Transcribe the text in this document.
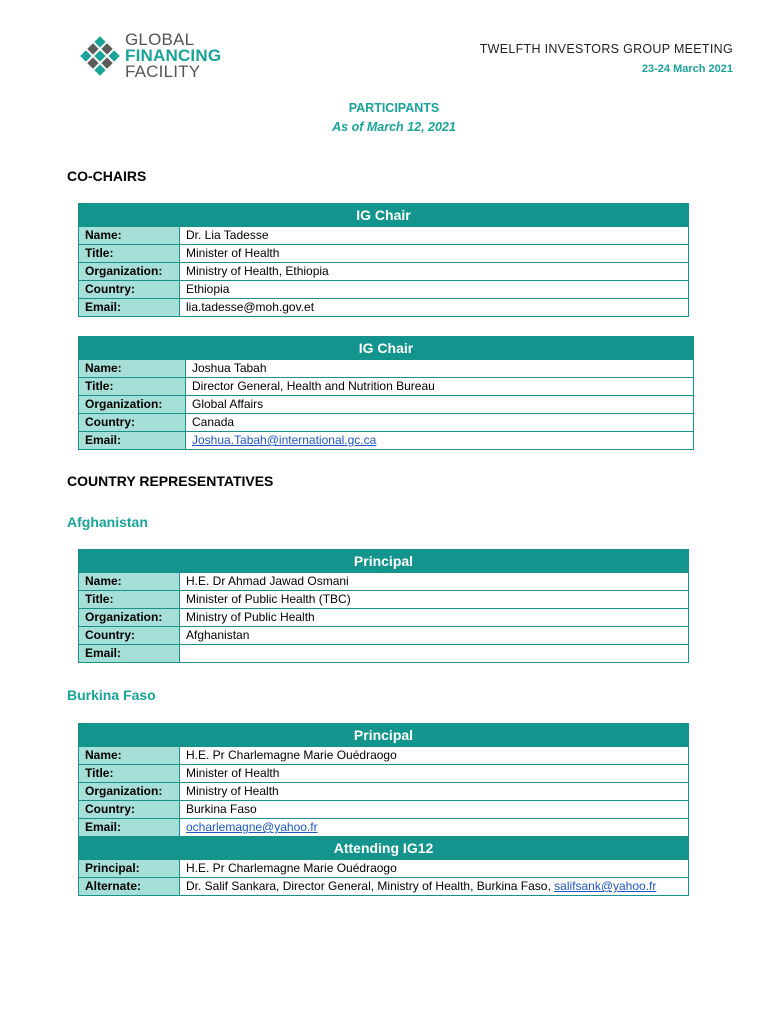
GLOBAL
FINANCING
FACILITY
TWELFTH INVESTORS GROUP MEETING
23-24 March 2021
PARTICIPANTS
As of March 12, 2021
CO-CHAIRS
IG Chair	
Name:	Dr. Lia Tadesse
Title:	Minister of Health
Organization:	Ministry of Health, Ethiopia
Country:	Ethiopia
Email:	lia.tadesse@moh.gov.et
IG Chair	
Name:	Joshua Tabah
Title:	Director General, Health and Nutrition Bureau
Organization:	Global Affairs
Country:	Canada
Email:	Joshua.Tabah@international.gc.ca
COUNTRY REPRESENTATIVES
Afghanistan
Principal	
Name:	H.E. Dr Ahmad Jawad Osmani
Title:	Minister of Public Health (TBC)
Organization:	Ministry of Public Health
Country:	Afghanistan
Email:	
Burkina Faso
Principal	
Name:	H.E. Pr Charlemagne Marie Ouédraogo
Title:	Minister of Health
Organization:	Ministry of Health
Country:	Burkina Faso
Email:	ocharlemagne@yahoo.fr
Attending IG12	
Principal:	H.E. Pr Charlemagne Marie Ouédraogo
Alternate:	Dr. Salif Sankara, Director General, Ministry of Health, Burkina Faso, salifsank@yahoo.fr
